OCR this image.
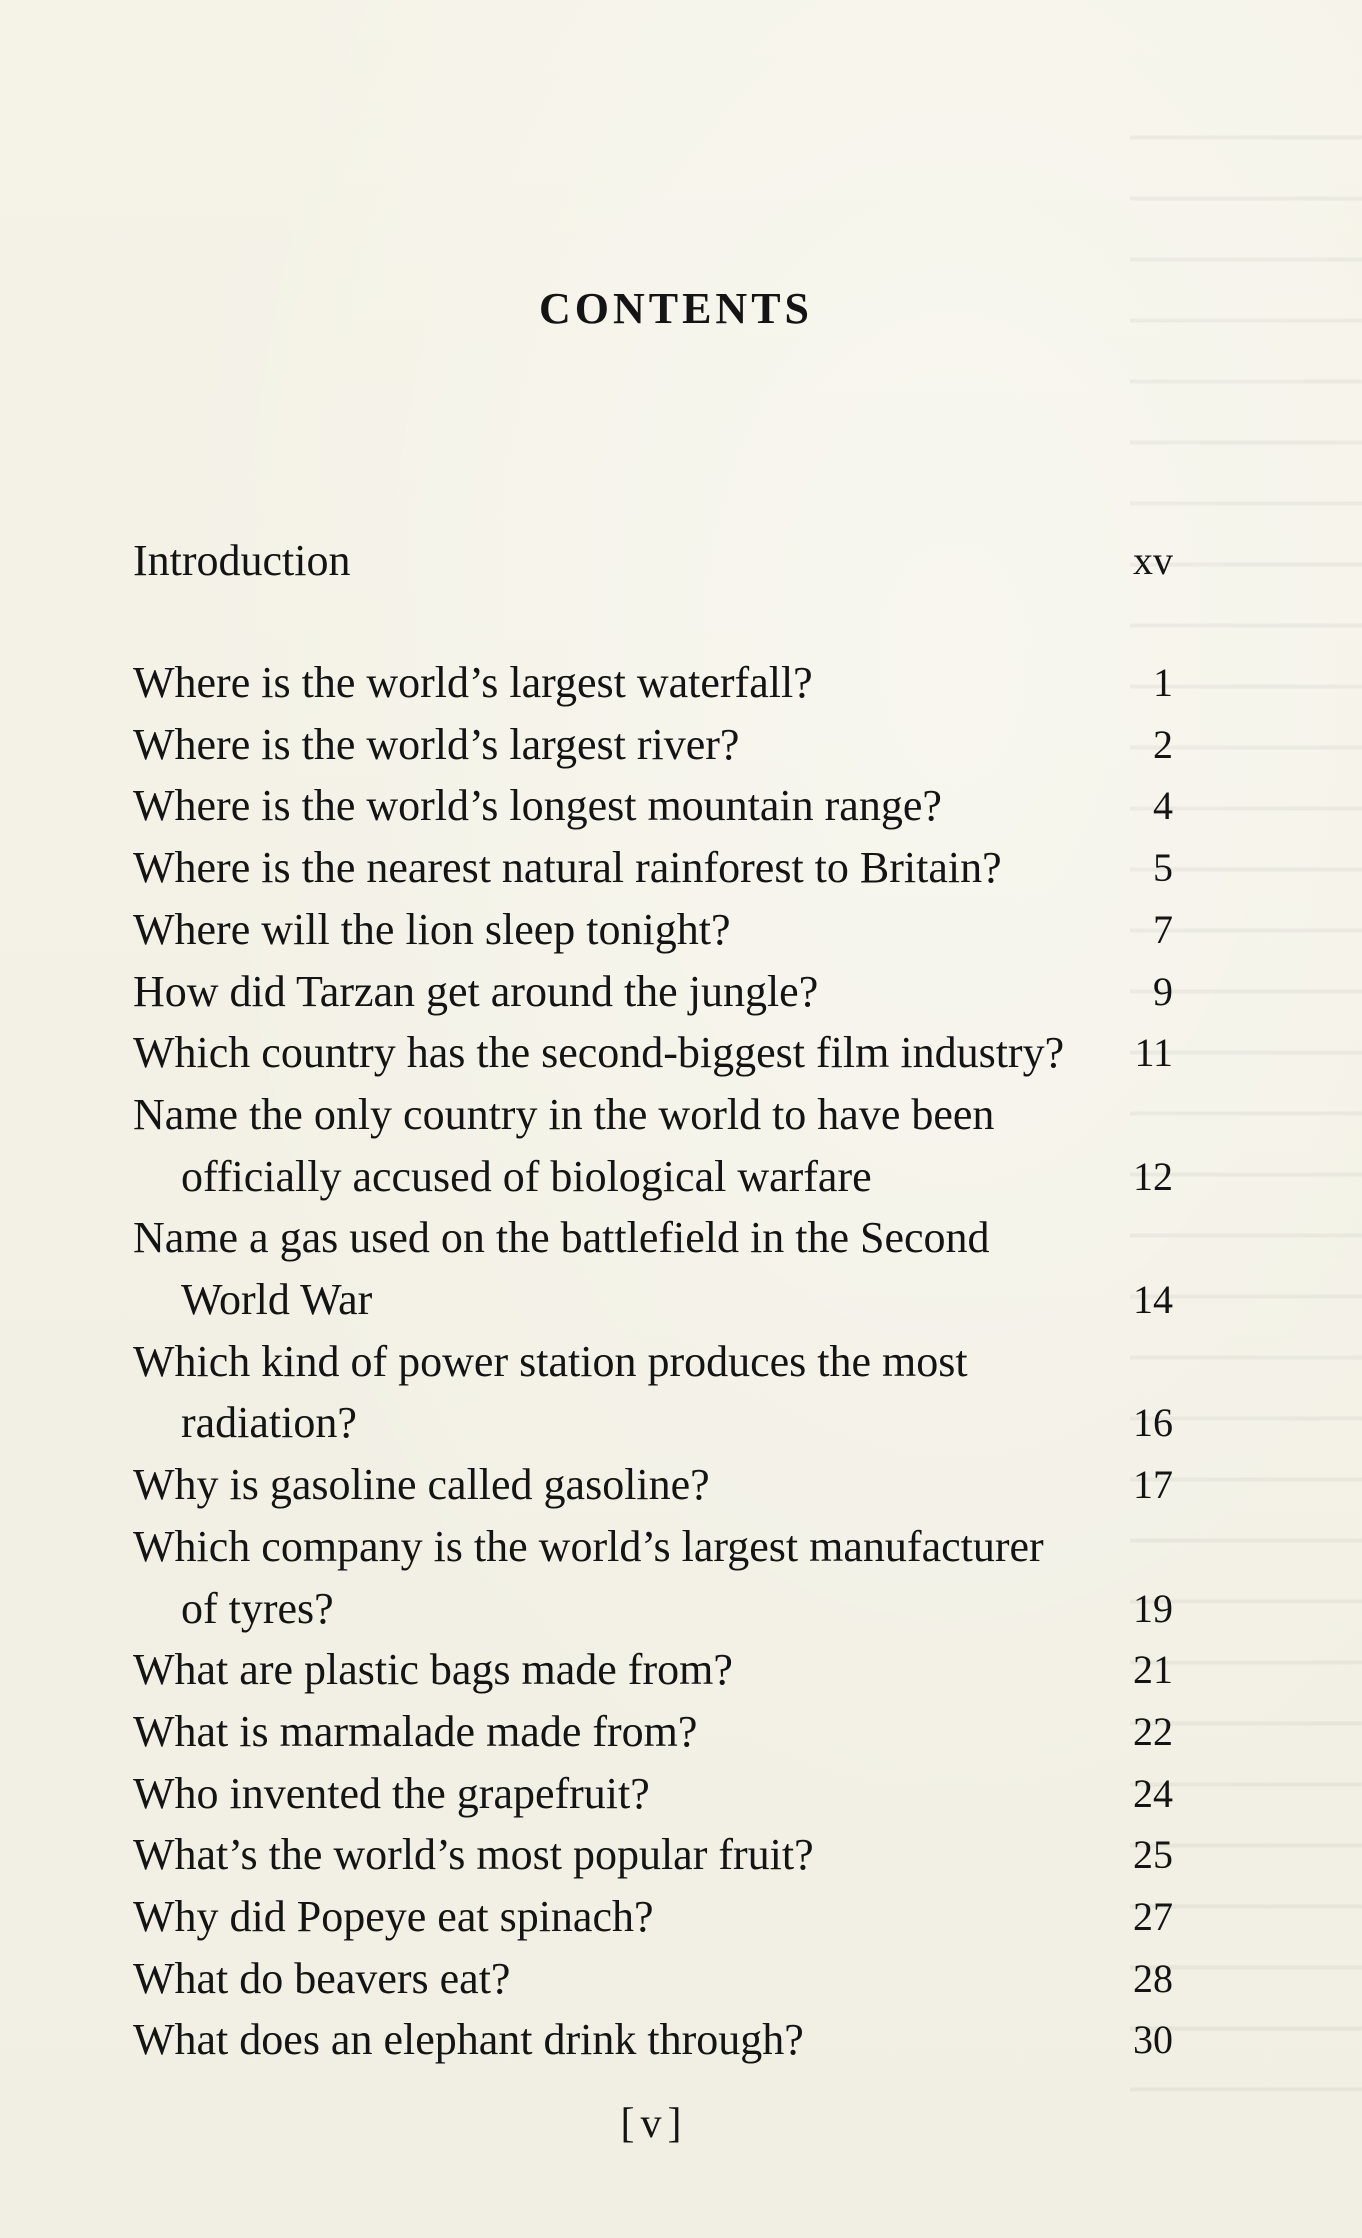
CONTENTS
Introduction	xv
Where is the world’s largest waterfall?	1
Where is the world’s largest river?	2
Where is the world’s longest mountain range?	4
Where is the nearest natural rainforest to Britain?	5
Where will the lion sleep tonight?	7
How did Tarzan get around the jungle?	9
Which country has the second-biggest film industry?	11
Name the only country in the world to have been
officially accused of biological warfare	12
Name a gas used on the battlefield in the Second
World War	14
Which kind of power station produces the most
radiation?	16
Why is gasoline called gasoline?	17
Which company is the world’s largest manufacturer
of tyres?	19
What are plastic bags made from?	21
What is marmalade made from?	22
Who invented the grapefruit?	24
What’s the world’s most popular fruit?	25
Why did Popeye eat spinach?	27
What do beavers eat?	28
What does an elephant drink through?	30
[v]
